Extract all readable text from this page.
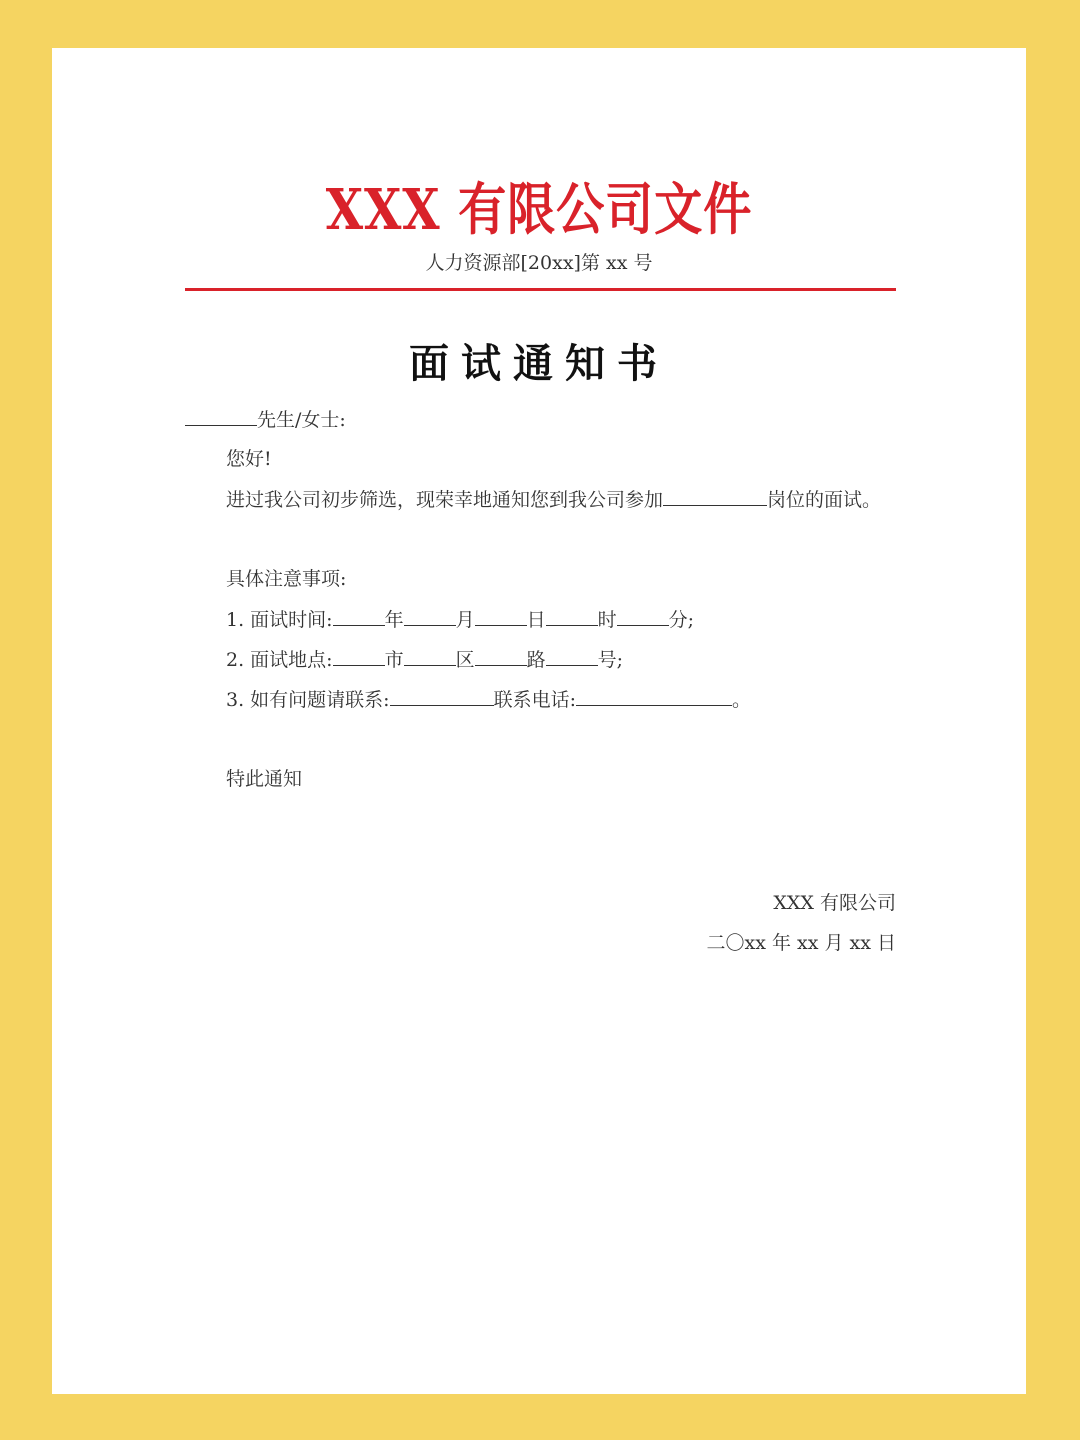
XXX 有限公司文件
人力资源部[20xx]第 xx 号
面试通知书
先生/女士:
您好!
进过我公司初步筛选，现荣幸地通知您到我公司参加	岗位的面试。
具体注意事项:
1. 面试时间:	年	月	日	时	分;
2. 面试地点:	市	区	路	号;
3. 如有问题请联系:	联系电话:	。
特此通知
XXX 有限公司
二〇xx 年 xx 月 xx 日
